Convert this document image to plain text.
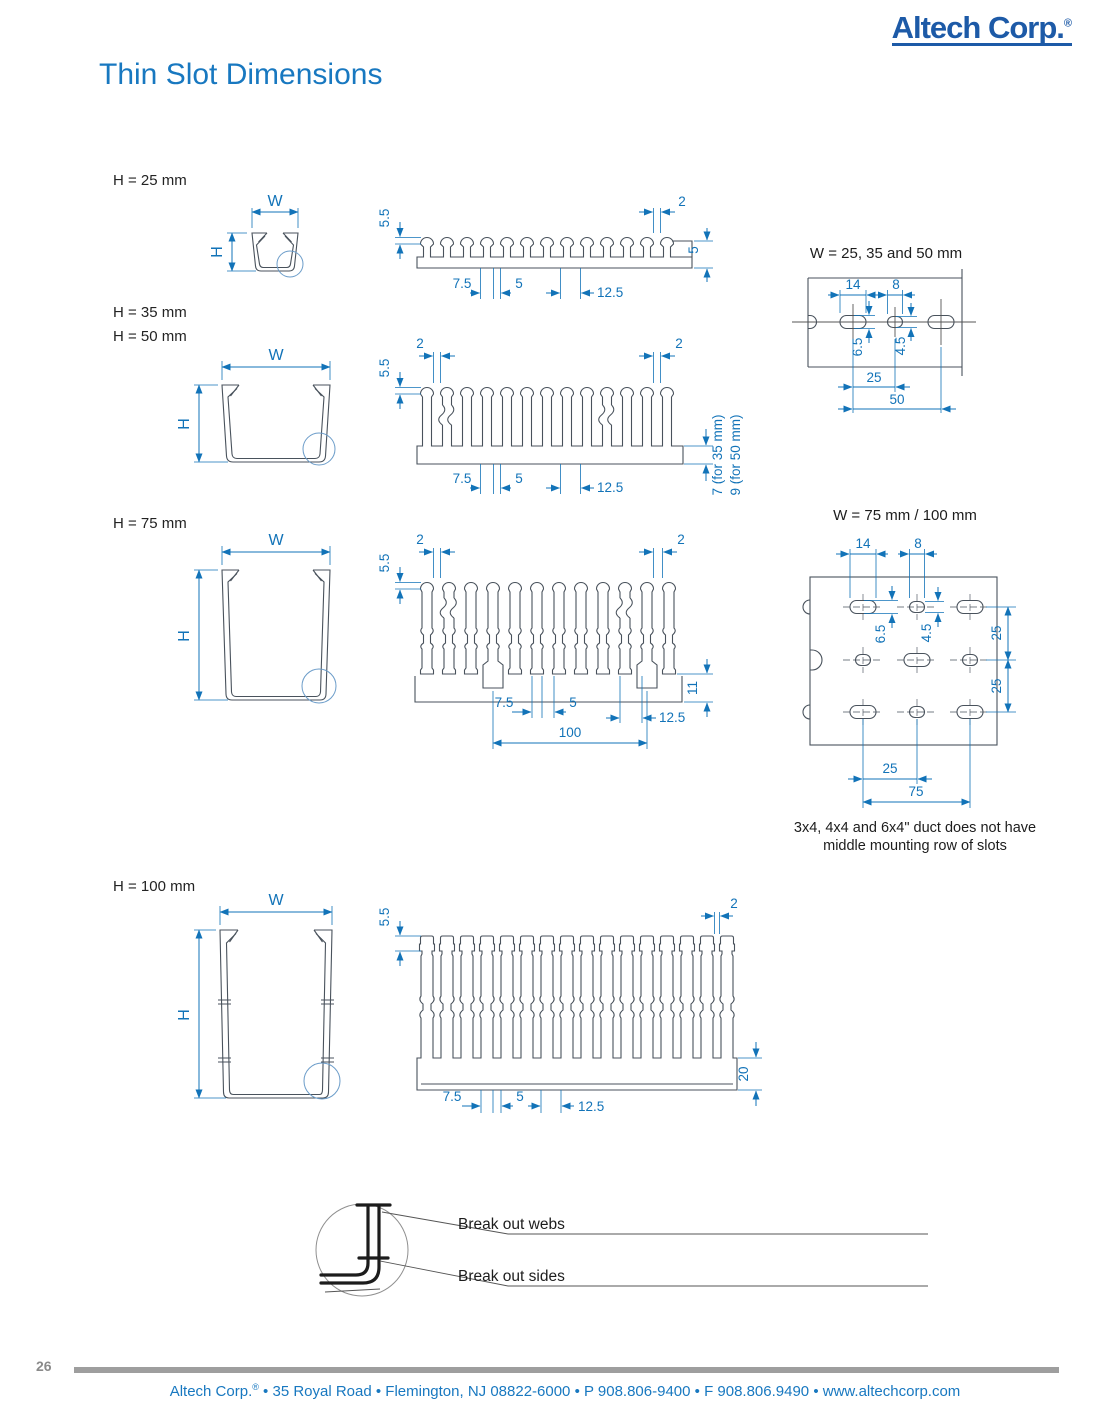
W
H
5.5
2
5
7.5	5
12.5
W = 25, 35 and 50 mm
14 8
6.5 4.5
25
50
W
H
5.5
2	2
7 (for 35 mm) 9 (for 50 mm)
7.5	5
12.5
W
H
5.5
2	2
11
7.5	5
12.5
100
W = 75 mm / 100 mm
14	8
6.5 4.5	25
25
25
75
3x4, 4x4 and 6x4" duct does not have
middle mounting row of slots
W
H
5.5
2
20
7.5	5
12.5
Altech Corp.®
Thin Slot Dimensions
H = 25 mm
H = 35 mm
H = 50 mm
H = 75 mm
H = 100 mm
Break out webs
Break out sides
26
Altech Corp.® • 35 Royal Road • Flemington, NJ 08822-6000 • P 908.806-9400 • F 908.806.9490 • www.altechcorp.com
